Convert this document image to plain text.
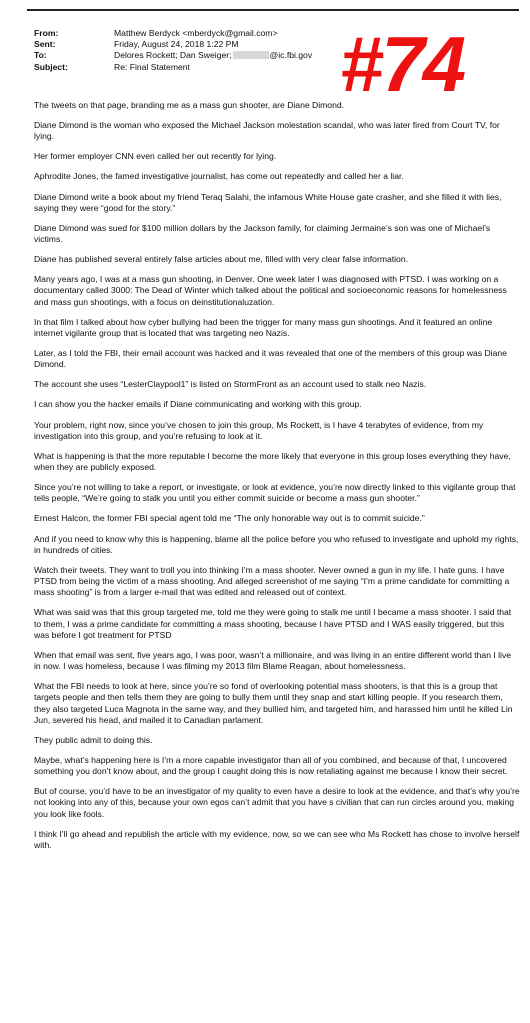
From:	Matthew Berdyck <mberdyck@gmail.com>
Sent:	Friday, August 24, 2018 1:22 PM
To:	Delores Rockett; Dan Sweiger;	@ic.fbi.gov
Subject:	Re: Final Statement #74

The tweets on that page, branding me as a mass gun shooter, are Diane Dimond.

Diane Dimond is the woman who exposed the Michael Jackson molestation scandal, who was later fired from Court TV, for lying.

Her former employer CNN even called her out recently for lying.

Aphrodite Jones, the famed investigative journalist, has come out repeatedly and called her a liar.

Diane Dimond write a book about my friend Teraq Salahi, the infamous White House gate crasher, and she filled it with lies, saying they were “good for the story.”

Diane Dimond was sued for $100 million dollars by the Jackson family, for claiming Jermaine’s son was one of Michael’s victims.

Diane has published several entirely false articles about me, filled with very clear false information.

Many years ago, I was at a mass gun shooting, in Denver. One week later I was diagnosed with PTSD. I was working on a documentary called 3000: The Dead of Winter which talked about the political and socioeconomic reasons for homelessness and mass gun shootings, with a focus on deinstitutionaluzation.

In that film I talked about how cyber bullying had been the trigger for many mass gun shootings. And it featured an online internet vigilante group that is located that was targeting neo Nazis.

Later, as I told the FBI, their email account was hacked and it was revealed that one of the members of this group was Diane Dimond.

The account she uses “LesterClaypool1” is listed on StormFront as an account used to stalk neo Nazis.

I can show you the hacker emails if Diane communicating and working with this group.

Your problem, right now, since you’ve chosen to join this group, Ms Rockett, is I have 4 terabytes of evidence, from my investigation into this group, and you’re refusing to look at it.

What is happening is that the more reputable I become the more likely that everyone in this group loses everything they have, when they are publicly exposed.

Since you’re not willing to take a report, or investigate, or look at evidence, you’re now directly linked to this vigilante group that tells people, “We’re going to stalk you until you either commit suicide or become a mass gun shooter.”

Ernest Halcon, the former FBI special agent told me “The only honorable way out is to commit suicide.”

And if you need to know why this is happening, blame all the police before you who refused to investigate and uphold my rights, in hundreds of cities.

Watch their tweets. They want to troll you into thinking I’m a mass shooter. Never owned a gun in my life. I hate guns. I have PTSD from being the victim of a mass shooting. And alleged screenshot of me saying “I’m a prime candidate for committing a mass shooting” is from a larger e-mail that was edited and released out of context.

What was said was that this group targeted me, told me they were going to stalk me until I became a mass shooter. I said that to them, I was a prime candidate for committing a mass shooting, because I have PTSD and I WAS easily triggered, but this was before I got treatment for PTSD

When that email was sent, five years ago, I was poor, wasn’t a millionaire, and was living in an entire different world than I live in now. I was homeless, because I was filming my 2013 film Blame Reagan, about homelessness.

What the FBI needs to look at here, since you’re so fond of overlooking potential mass shooters, is that this is a group that targets people and then tells them they are going to bully them until they snap and start killing people. If you research them, they also targeted Luca Magnota in the same way, and they bullied him, and targeted him, and harassed him until he killed Lin Jun, severed his head, and mailed it to Canadian parlament.

They public admit to doing this.

Maybe, what’s happening here is I’m a more capable investigator than all of you combined, and because of that, I uncovered something you don’t know about, and the group I caught doing this is now retaliating against me because I know their secret.

But of course, you’d have to be an investigator of my quality to even have a desire to look at the evidence, and that’s why you’re not looking into any of this, because your own egos can’t admit that you have s civilian that can run circles around you, making you look like fools.

I think I’ll go ahead and republish the article with my evidence, now, so we can see who Ms Rockett has chose to involve herself with.
